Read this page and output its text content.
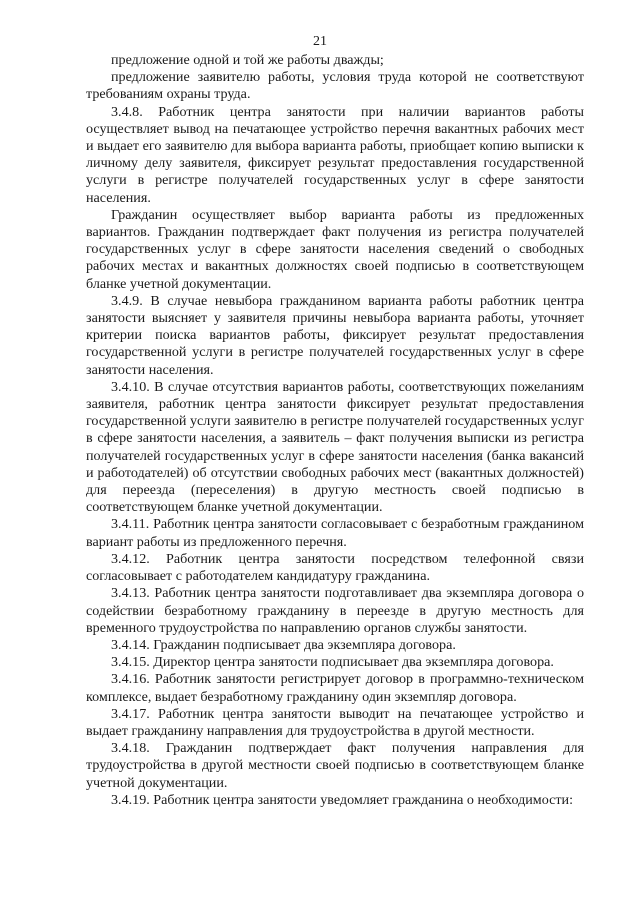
21

предложение одной и той же работы дважды;

предложение заявителю работы, условия труда которой не соответствуют требованиям охраны труда.

3.4.8. Работник центра занятости при наличии вариантов работы осуществляет вывод на печатающее устройство перечня вакантных рабочих мест и выдает его заявителю для выбора варианта работы, приобщает копию выписки к личному делу заявителя, фиксирует результат предоставления государственной услуги в регистре получателей государственных услуг в сфере занятости населения.

Гражданин осуществляет выбор варианта работы из предложенных вариантов. Гражданин подтверждает факт получения из регистра получателей государственных услуг в сфере занятости населения сведений о свободных рабочих местах и вакантных должностях своей подписью в соответствующем бланке учетной документации.

3.4.9. В случае невыбора гражданином варианта работы работник центра занятости выясняет у заявителя причины невыбора варианта работы, уточняет критерии поиска вариантов работы, фиксирует результат предоставления государственной услуги в регистре получателей государственных услуг в сфере занятости населения.

3.4.10. В случае отсутствия вариантов работы, соответствующих пожеланиям заявителя, работник центра занятости фиксирует результат предоставления государственной услуги заявителю в регистре получателей государственных услуг в сфере занятости населения, а заявитель – факт получения выписки из регистра получателей государственных услуг в сфере занятости населения (банка вакансий и работодателей) об отсутствии свободных рабочих мест (вакантных должностей) для переезда (переселения) в другую местность своей подписью в соответствующем бланке учетной документации.

3.4.11. Работник центра занятости согласовывает с безработным гражданином вариант работы из предложенного перечня.

3.4.12. Работник центра занятости посредством телефонной связи согласовывает с работодателем кандидатуру гражданина.

3.4.13. Работник центра занятости подготавливает два экземпляра договора о содействии безработному гражданину в переезде в другую местность для временного трудоустройства по направлению органов службы занятости.

3.4.14. Гражданин подписывает два экземпляра договора.

3.4.15. Директор центра занятости подписывает два экземпляра договора.

3.4.16. Работник занятости регистрирует договор в программно-техническом комплексе, выдает безработному гражданину один экземпляр договора.

3.4.17. Работник центра занятости выводит на печатающее устройство и выдает гражданину направления для трудоустройства в другой местности.

3.4.18. Гражданин подтверждает факт получения направления для трудоустройства в другой местности своей подписью в соответствующем бланке учетной документации.

3.4.19. Работник центра занятости уведомляет гражданина о необходимости:
